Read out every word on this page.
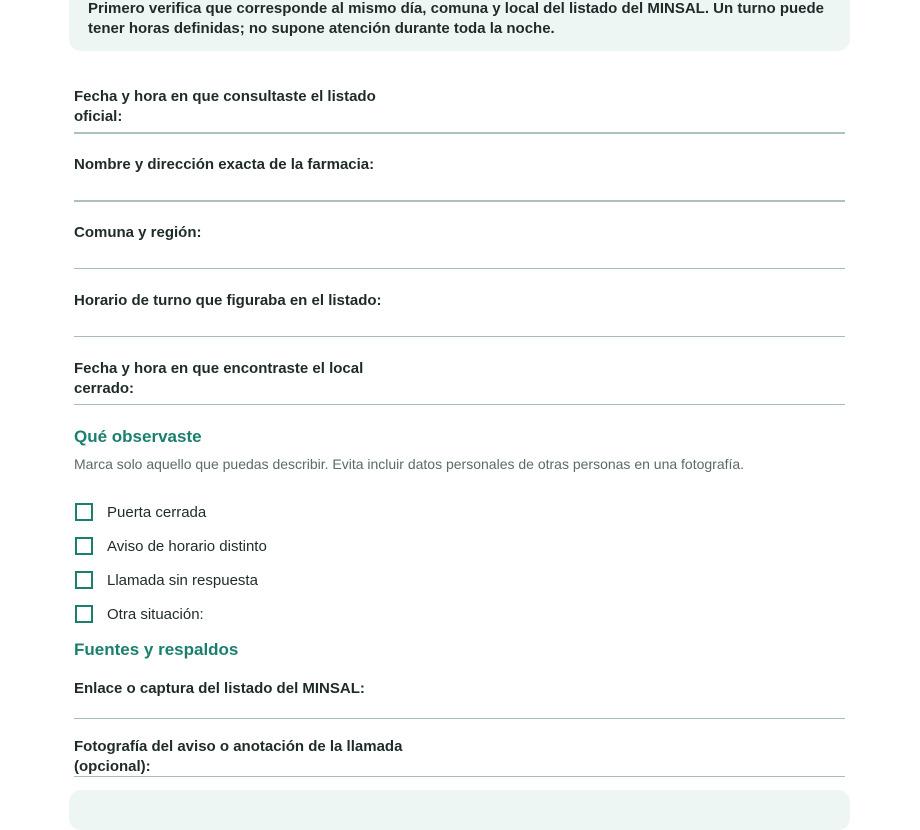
Primero verifica que corresponde al mismo día, comuna y local del listado del MINSAL. Un turno puede

tener horas definidas; no supone atención durante toda la noche.

Fecha y hora en que consultaste el listado oficial:

Nombre y dirección exacta de la farmacia:

Comuna y región:

Horario de turno que figuraba en el listado:

Fecha y hora en que encontraste el local cerrado:

Qué observaste

Marca solo aquello que puedas describir. Evita incluir datos personales de otras personas en una fotografía.

Puerta cerrada
Aviso de horario distinto
Llamada sin respuesta
Otra situación:
Fuentes y respaldos

Enlace o captura del listado del MINSAL:

Fotografía del aviso o anotación de la llamada (opcional):
